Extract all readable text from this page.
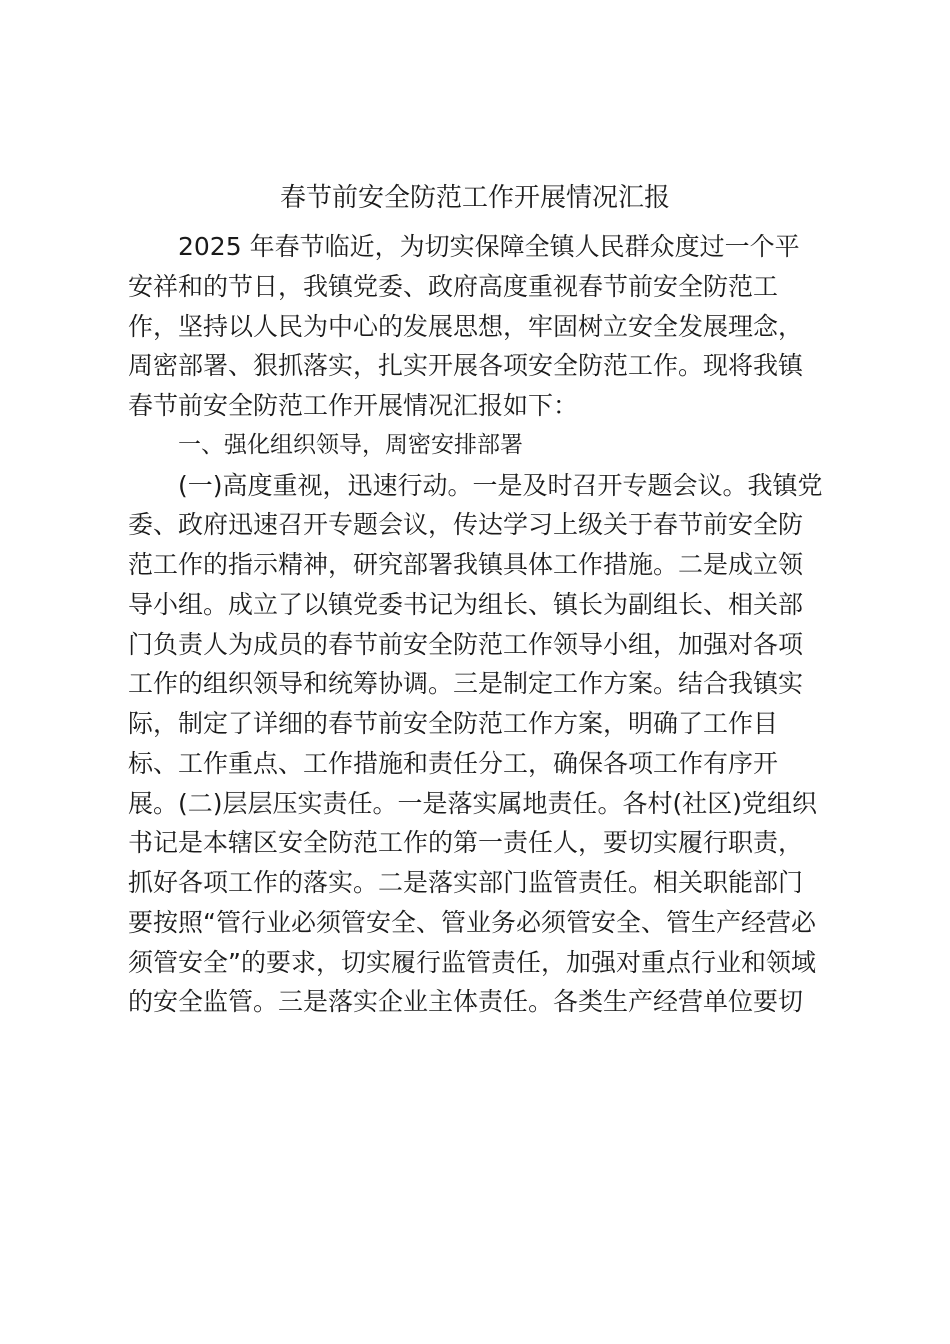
春节前安全防范工作开展情况汇报
2025 年春节临近，为切实保障全镇人民群众度过一个平
安祥和的节日，我镇党委、政府高度重视春节前安全防范工
作，坚持以人民为中心的发展思想，牢固树立安全发展理念，
周密部署、狠抓落实，扎实开展各项安全防范工作。现将我镇
春节前安全防范工作开展情况汇报如下：
一、强化组织领导，周密安排部署
(一)高度重视，迅速行动。一是及时召开专题会议。我镇党
委、政府迅速召开专题会议，传达学习上级关于春节前安全防
范工作的指示精神，研究部署我镇具体工作措施。二是成立领
导小组。成立了以镇党委书记为组长、镇长为副组长、相关部
门负责人为成员的春节前安全防范工作领导小组，加强对各项
工作的组织领导和统筹协调。三是制定工作方案。结合我镇实
际，制定了详细的春节前安全防范工作方案，明确了工作目
标、工作重点、工作措施和责任分工，确保各项工作有序开
展。(二)层层压实责任。一是落实属地责任。各村(社区)党组织
书记是本辖区安全防范工作的第一责任人，要切实履行职责，
抓好各项工作的落实。二是落实部门监管责任。相关职能部门
要按照“管行业必须管安全、管业务必须管安全、管生产经营必
须管安全”的要求，切实履行监管责任，加强对重点行业和领域
的安全监管。三是落实企业主体责任。各类生产经营单位要切
